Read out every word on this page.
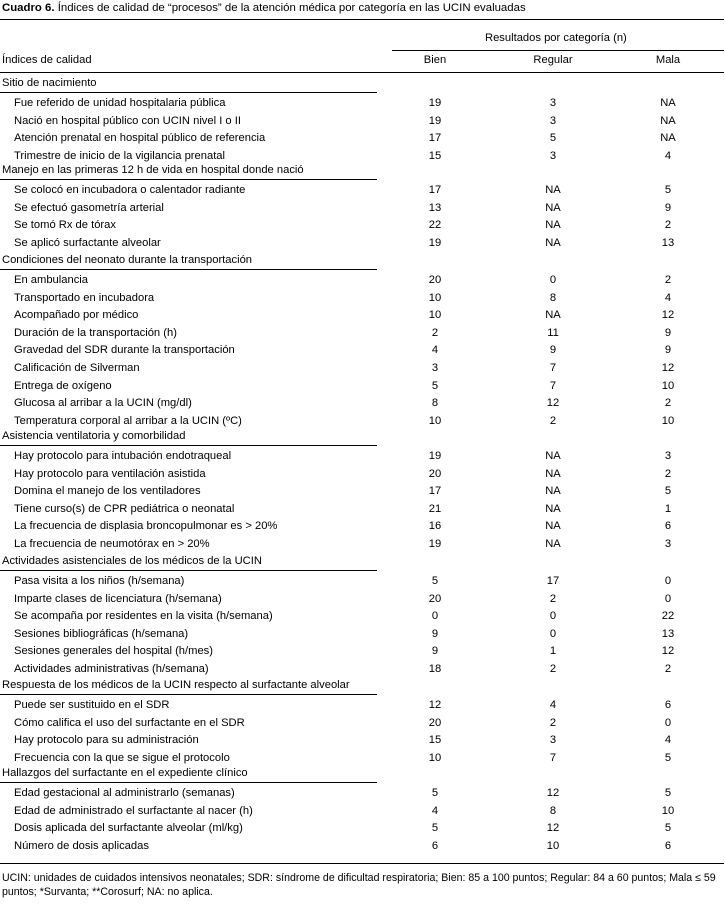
Cuadro 6. Índices de calidad de “procesos” de la atención médica por categoría en las UCIN evaluadas
Resultados por categoría (n)
Índices de calidad	Bien	Regular	Mala
Sitio de nacimiento
Fue referido de unidad hospitalaria pública	19	3	NA
Nació en hospital público con UCIN nivel I o II	19	3	NA
Atención prenatal en hospital público de referencia	17	5	NA
Trimestre de inicio de la vigilancia prenatal	15	3	4
Manejo en las primeras 12 h de vida en hospital donde nació
Se colocó en incubadora o calentador radiante	17	NA	5
Se efectuó gasometría arterial	13	NA	9
Se tomó Rx de tórax	22	NA	2
Se aplicó surfactante alveolar	19	NA	13
Condiciones del neonato durante la transportación
En ambulancia	20	0	2
Transportado en incubadora	10	8	4
Acompañado por médico	10	NA	12
Duración de la transportación (h)	2	11	9
Gravedad del SDR durante la transportación	4	9	9
Calificación de Silverman	3	7	12
Entrega de oxígeno	5	7	10
Glucosa al arribar a la UCIN (mg/dl)	8	12	2
Temperatura corporal al arribar a la UCIN (ºC)	10	2	10
Asistencia ventilatoria y comorbilidad
Hay protocolo para intubación endotraqueal	19	NA	3
Hay protocolo para ventilación asistida	20	NA	2
Domina el manejo de los ventiladores	17	NA	5
Tiene curso(s) de CPR pediátrica o neonatal	21	NA	1
La frecuencia de displasia broncopulmonar es > 20%	16	NA	6
La frecuencia de neumotórax en > 20%	19	NA	3
Actividades asistenciales de los médicos de la UCIN
Pasa visita a los niños (h/semana)	5	17	0
Imparte clases de licenciatura (h/semana)	20	2	0
Se acompaña por residentes en la visita (h/semana)	0	0	22
Sesiones bibliográficas (h/semana)	9	0	13
Sesiones generales del hospital (h/mes)	9	1	12
Actividades administrativas (h/semana)	18	2	2
Respuesta de los médicos de la UCIN respecto al surfactante alveolar
Puede ser sustituido en el SDR	12	4	6
Cómo califica el uso del surfactante en el SDR	20	2	0
Hay protocolo para su administración	15	3	4
Frecuencia con la que se sigue el protocolo	10	7	5
Hallazgos del surfactante en el expediente clínico
Edad gestacional al administrarlo (semanas)	5	12	5
Edad de administrado el surfactante al nacer (h)	4	8	10
Dosis aplicada del surfactante alveolar (ml/kg)	5	12	5
Número de dosis aplicadas	6	10	6
UCIN: unidades de cuidados intensivos neonatales; SDR: síndrome de dificultad respiratoria; Bien: 85 a 100 puntos; Regular: 84 a 60 puntos; Mala ≤ 59 puntos; *Survanta; **Corosurf; NA: no aplica.
